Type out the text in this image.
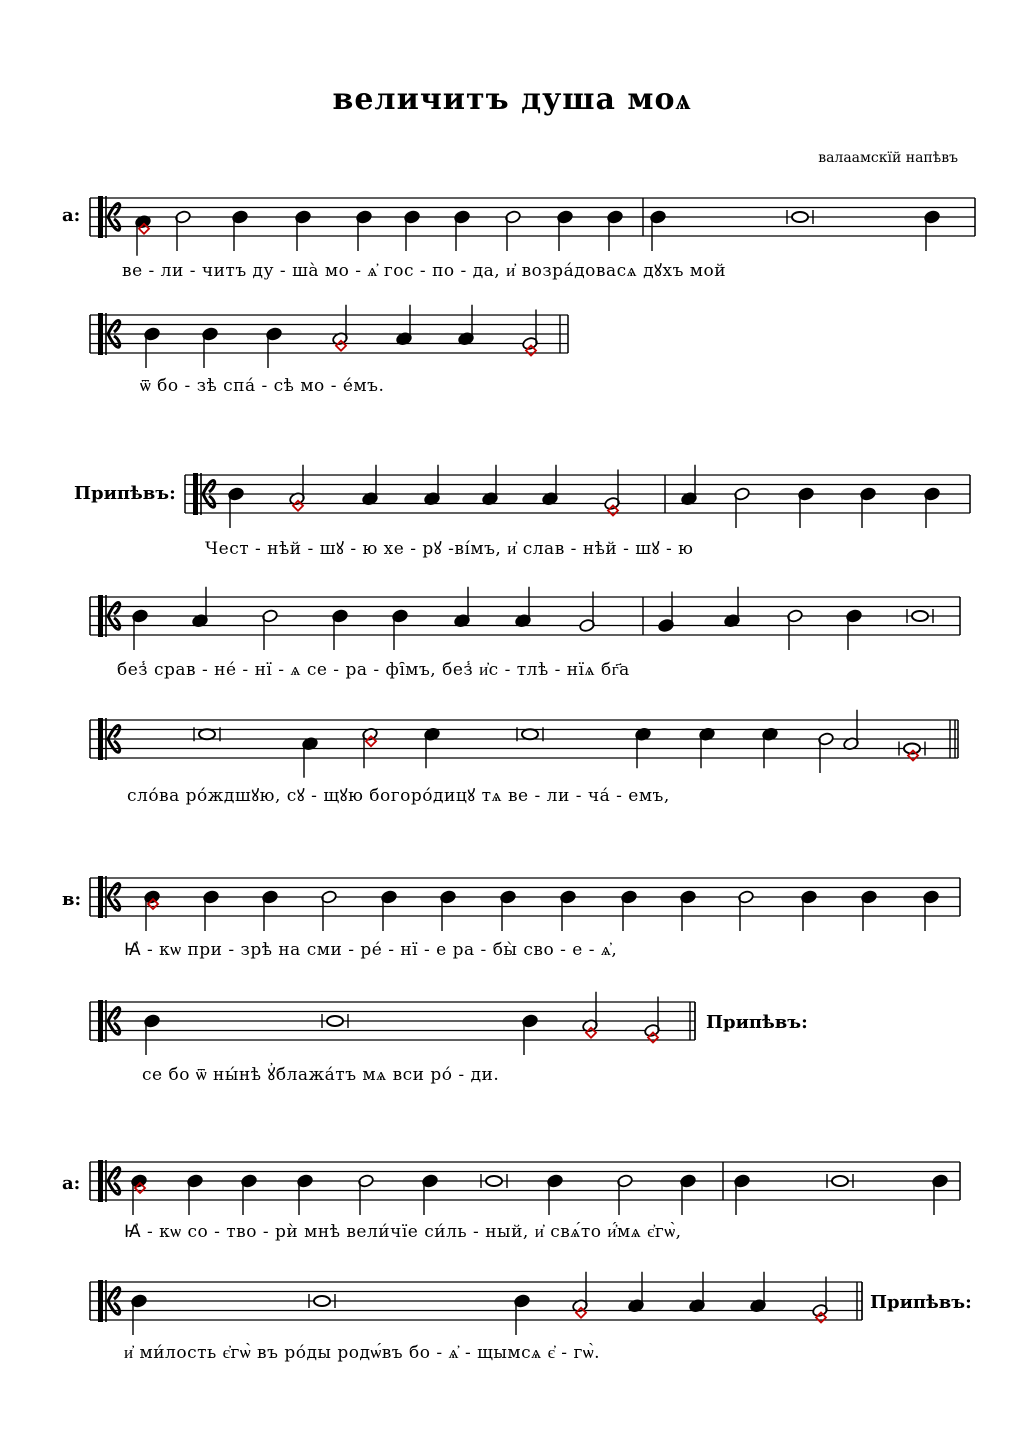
величитъ душа моѧ
валаамскїй напѣвъ
а:
ве - ли - читъ ду - ша̀ мо - ѧ҆ гос - по - да, и҆ возра́довасѧ дꙋхъ мой
ѿ бо - зѣ спа́ - сѣ мо - е́мъ.
Припѣвъ:
Чест - нѣй - шꙋ - ю хе - рꙋ -ві́мъ, и҆ слав - нѣй - шꙋ - ю
без̾ срав - не́ - нї - ѧ се - ра - фі̑мъ, без̾ и҆с - тлѣ - нїѧ бг҃а
сло́ва ро́ждшꙋю, сꙋ - щꙋю богоро́дицꙋ тѧ ве - ли - ча́ - емъ,
в:
Ꙗ҆ - кѡ при - зрѣ на сми - ре́ - нї - е ра - бы̀ сво - е - ѧ҆,
се бо ѿ ны́нѣ ꙋ҆блажа́тъ мѧ вси ро́ - ди.
Припѣвъ:
а:
Ꙗ҆ - кѡ со - тво - рѝ мнѣ вели́чїе си́ль - ный, и҆ свѧ́то и҆́мѧ є҆гѡ̀,
и҆ ми́лость є҆гѡ̀ въ ро́ды родѡ́въ бо - ѧ҆ - щымсѧ є҆ - гѡ̀.
Припѣвъ:
